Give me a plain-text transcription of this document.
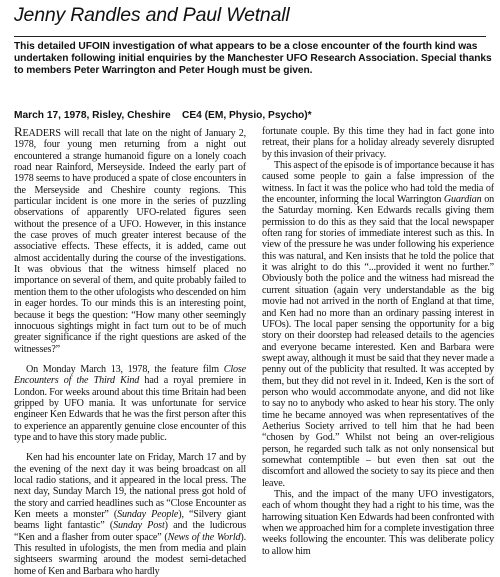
Jenny Randles and Paul Wetnall
This detailed UFOIN investigation of what appears to be a close encounter of the fourth kind was undertaken following initial enquiries by the Manchester UFO Research Association. Special thanks to members Peter Warrington and Peter Hough must be given.
March 17, 1978, Risley, Cheshire CE4 (EM, Physio, Psycho)*

READERS will recall that late on the night of January 2, 1978, four young men returning from a night out encountered a strange humanoid figure on a lonely coach road near Rainford, Merseyside. Indeed the early part of 1978 seems to have produced a spate of close encounters in the Merseyside and Cheshire county regions. This particular incident is one more in the series of puzzling observations of apparently UFO-related figures seen without the presence of a UFO. However, in this instance the case proves of much greater interest because of the associative effects. These effects, it is added, came out almost accidentally during the course of the investigations. It was obvious that the witness himself placed no importance on several of them, and quite probably failed to mention them to the other ufologists who descended on him in eager hordes. To our minds this is an interesting point, because it begs the question: “How many other seemingly innocuous sightings might in fact turn out to be of much greater significance if the right questions are asked of the witnesses?”

On Monday March 13, 1978, the feature film Close Encounters of the Third Kind had a royal premiere in London. For weeks around about this time Britain had been gripped by UFO mania. It was unfortunate for service engineer Ken Edwards that he was the first person after this to experience an apparently genuine close encounter of this type and to have this story made public.

Ken had his encounter late on Friday, March 17 and by the evening of the next day it was being broadcast on all local radio stations, and it appeared in the local press. The next day, Sunday March 19, the national press got hold of the story and carried headlines such as “Close Encounter as Ken meets a monster” (Sunday People), “Silvery giant beams light fantastic” (Sunday Post) and the ludicrous “Ken and a flasher from outer space” (News of the World). This resulted in ufologists, the men from media and plain sightseers swarming around the modest semi-detached home of Ken and Barbara who hardly

fortunate couple. By this time they had in fact gone into retreat, their plans for a holiday already severely disrupted by this invasion of their privacy.

This aspect of the episode is of importance because it has caused some people to gain a false impression of the witness. In fact it was the police who had told the media of the encounter, informing the local Warrington Guardian on the Saturday morning. Ken Edwards recalls giving them permission to do this as they said that the local newspaper often rang for stories of immediate interest such as this. In view of the pressure he was under following his experience this was natural, and Ken insists that he told the police that it was alright to do this “...provided it went no further.” Obviously both the police and the witness had misread the current situation (again very understandable as the big movie had not arrived in the north of England at that time, and Ken had no more than an ordinary passing interest in UFOs). The local paper sensing the opportunity for a big story on their doorstep had released details to the agencies and everyone became interested. Ken and Barbara were swept away, although it must be said that they never made a penny out of the publicity that resulted. It was accepted by them, but they did not revel in it. Indeed, Ken is the sort of person who would accommodate anyone, and did not like to say no to anybody who asked to hear his story. The only time he became annoyed was when representatives of the Aetherius Society arrived to tell him that he had been “chosen by God.” Whilst not being an over-religious person, he regarded such talk as not only nonsensical but somewhat contemptible – but even then sat out the discomfort and allowed the society to say its piece and then leave.

This, and the impact of the many UFO investigators, each of whom thought they had a right to his time, was the harrowing situation Ken Edwards had been confronted with when we approached him for a complete investigation three weeks following the encounter. This was deliberate policy to allow him
